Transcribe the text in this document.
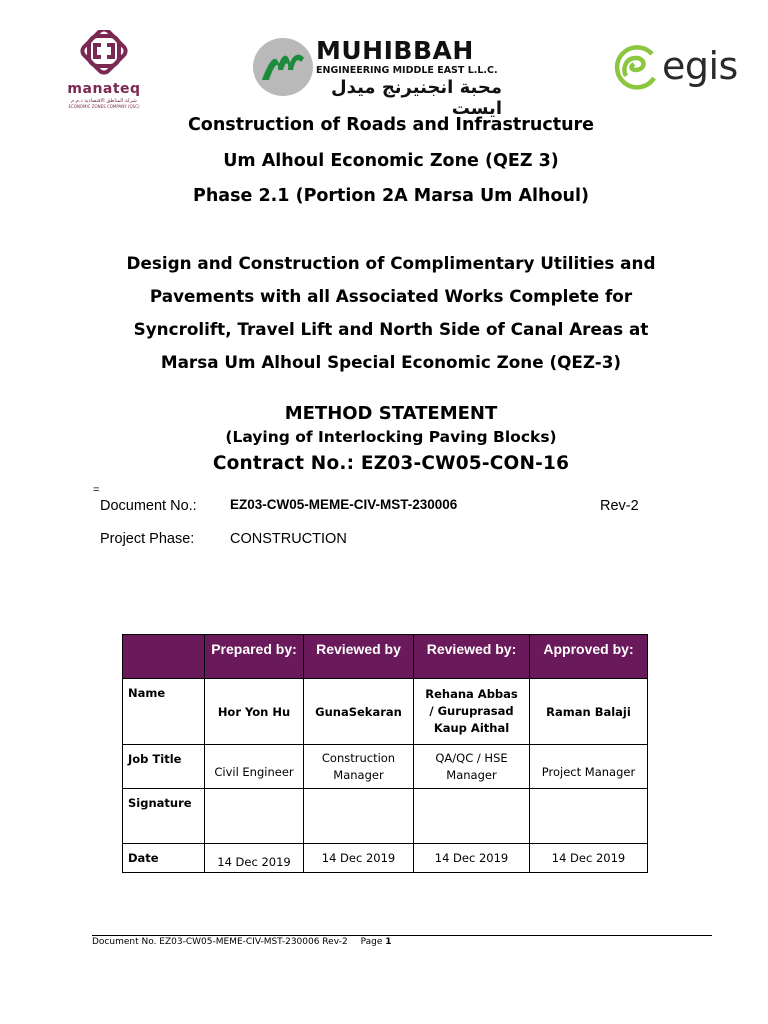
manateq
شركة المناطق الاقتصادية ذ.م.م
ECONOMIC ZONES COMPANY (QSC)
MUHIBBAH
ENGINEERING MIDDLE EAST L.L.C.
محبة انجنيرنج ميدل ايست
egis
Construction of Roads and Infrastructure
Um Alhoul Economic Zone (QEZ 3)
Phase 2.1 (Portion 2A Marsa Um Alhoul)
Design and Construction of Complimentary Utilities and
Pavements with all Associated Works Complete for
Syncrolift, Travel Lift and North Side of Canal Areas at
Marsa Um Alhoul Special Economic Zone (QEZ-3)
METHOD STATEMENT
(Laying of Interlocking Paving Blocks)
Contract No.: EZ03-CW05-CON-16
=
Document No.: EZ03-CW05-MEME-CIV-MST-230006	Rev-2
Project Phase: CONSTRUCTION
	Prepared by:	Reviewed by	Reviewed by:	Approved by:
Name	Hor Yon Hu	GunaSekaran	Rehana Abbas / Guruprasad Kaup Aithal	Raman Balaji
Job Title	Civil Engineer	Construction Manager	QA/QC / HSE Manager	Project Manager
Signature				
Date	14 Dec 2019	14 Dec 2019	14 Dec 2019	14 Dec 2019
Document No. EZ03-CW05-MEME-CIV-MST-230006 Rev-2 Page 1
